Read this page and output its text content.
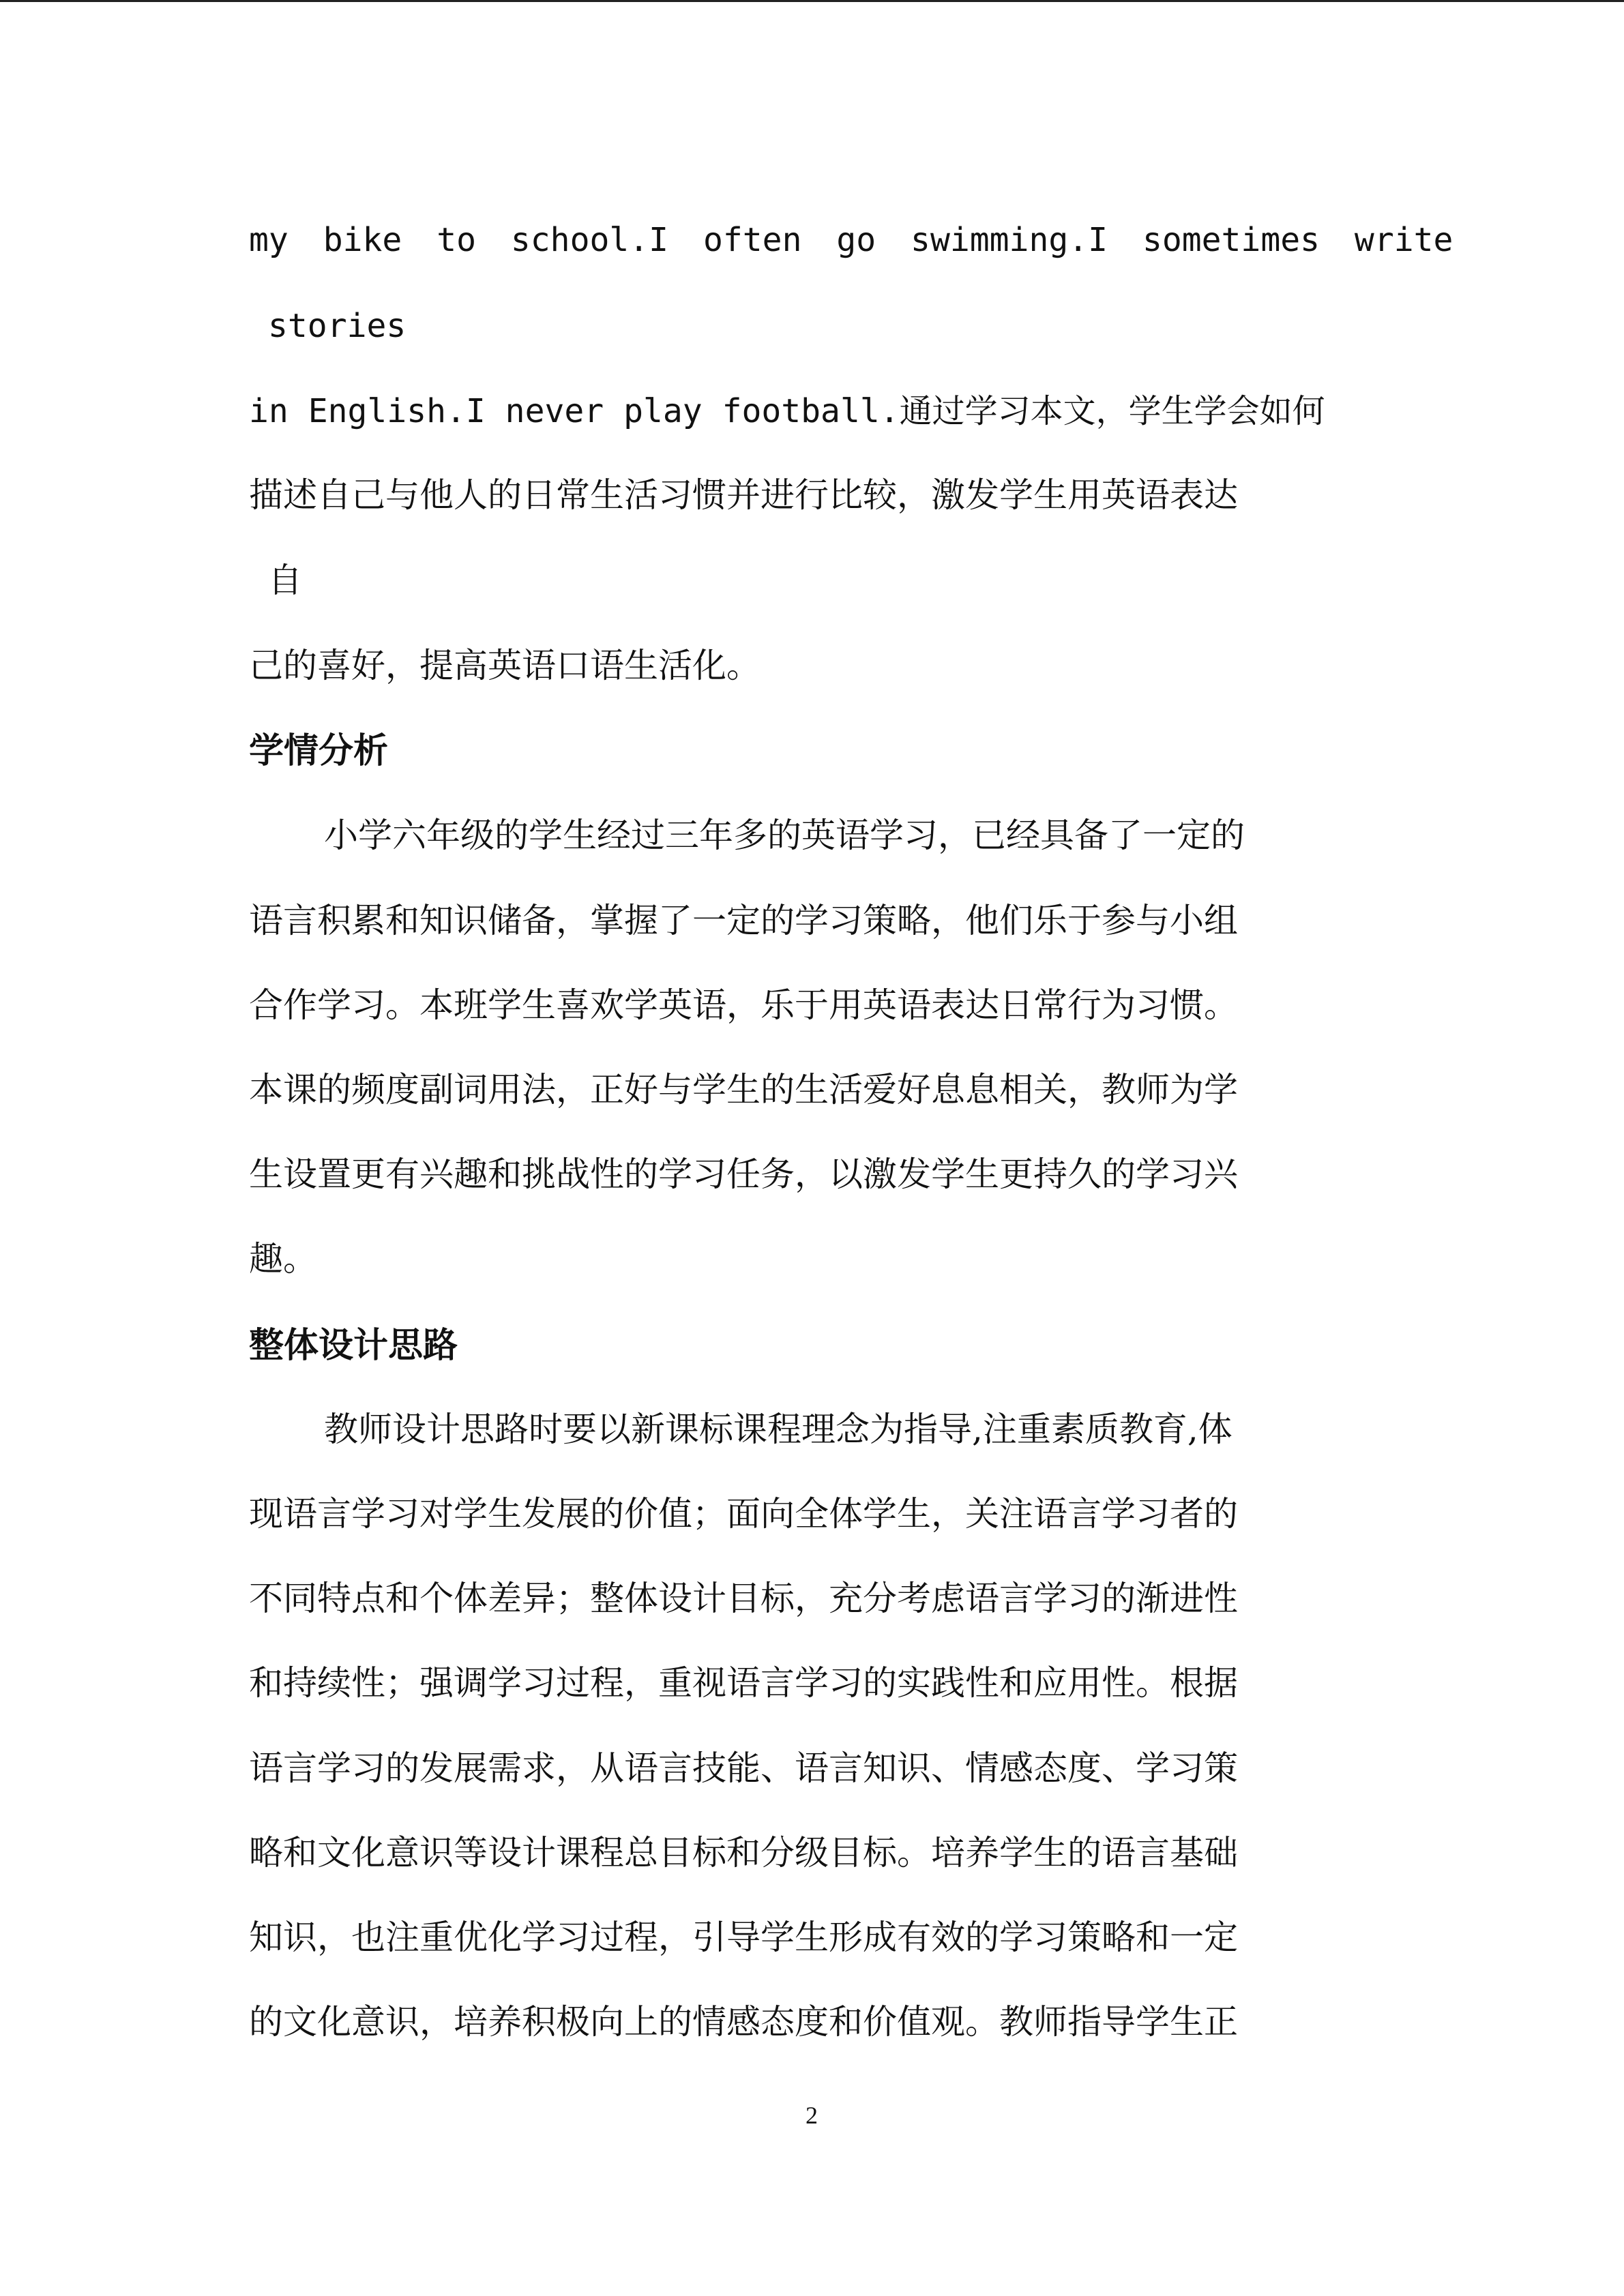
my bike to school.I often go swimming.I sometimes write
stories
in English.I never play football.通过学习本文，学生学会如何
描述自己与他人的日常生活习惯并进行比较，激发学生用英语表达
自
己的喜好，提高英语口语生活化。
学情分析
小学六年级的学生经过三年多的英语学习，已经具备了一定的
语言积累和知识储备，掌握了一定的学习策略，他们乐于参与小组
合作学习。本班学生喜欢学英语，乐于用英语表达日常行为习惯。
本课的频度副词用法，正好与学生的生活爱好息息相关，教师为学
生设置更有兴趣和挑战性的学习任务，以激发学生更持久的学习兴
趣。
整体设计思路
教师设计思路时要以新课标课程理念为指导,注重素质教育,体
现语言学习对学生发展的价值；面向全体学生，关注语言学习者的
不同特点和个体差异；整体设计目标，充分考虑语言学习的渐进性
和持续性；强调学习过程，重视语言学习的实践性和应用性。根据
语言学习的发展需求，从语言技能、语言知识、情感态度、学习策
略和文化意识等设计课程总目标和分级目标。培养学生的语言基础
知识，也注重优化学习过程，引导学生形成有效的学习策略和一定
的文化意识，培养积极向上的情感态度和价值观。教师指导学生正
2
